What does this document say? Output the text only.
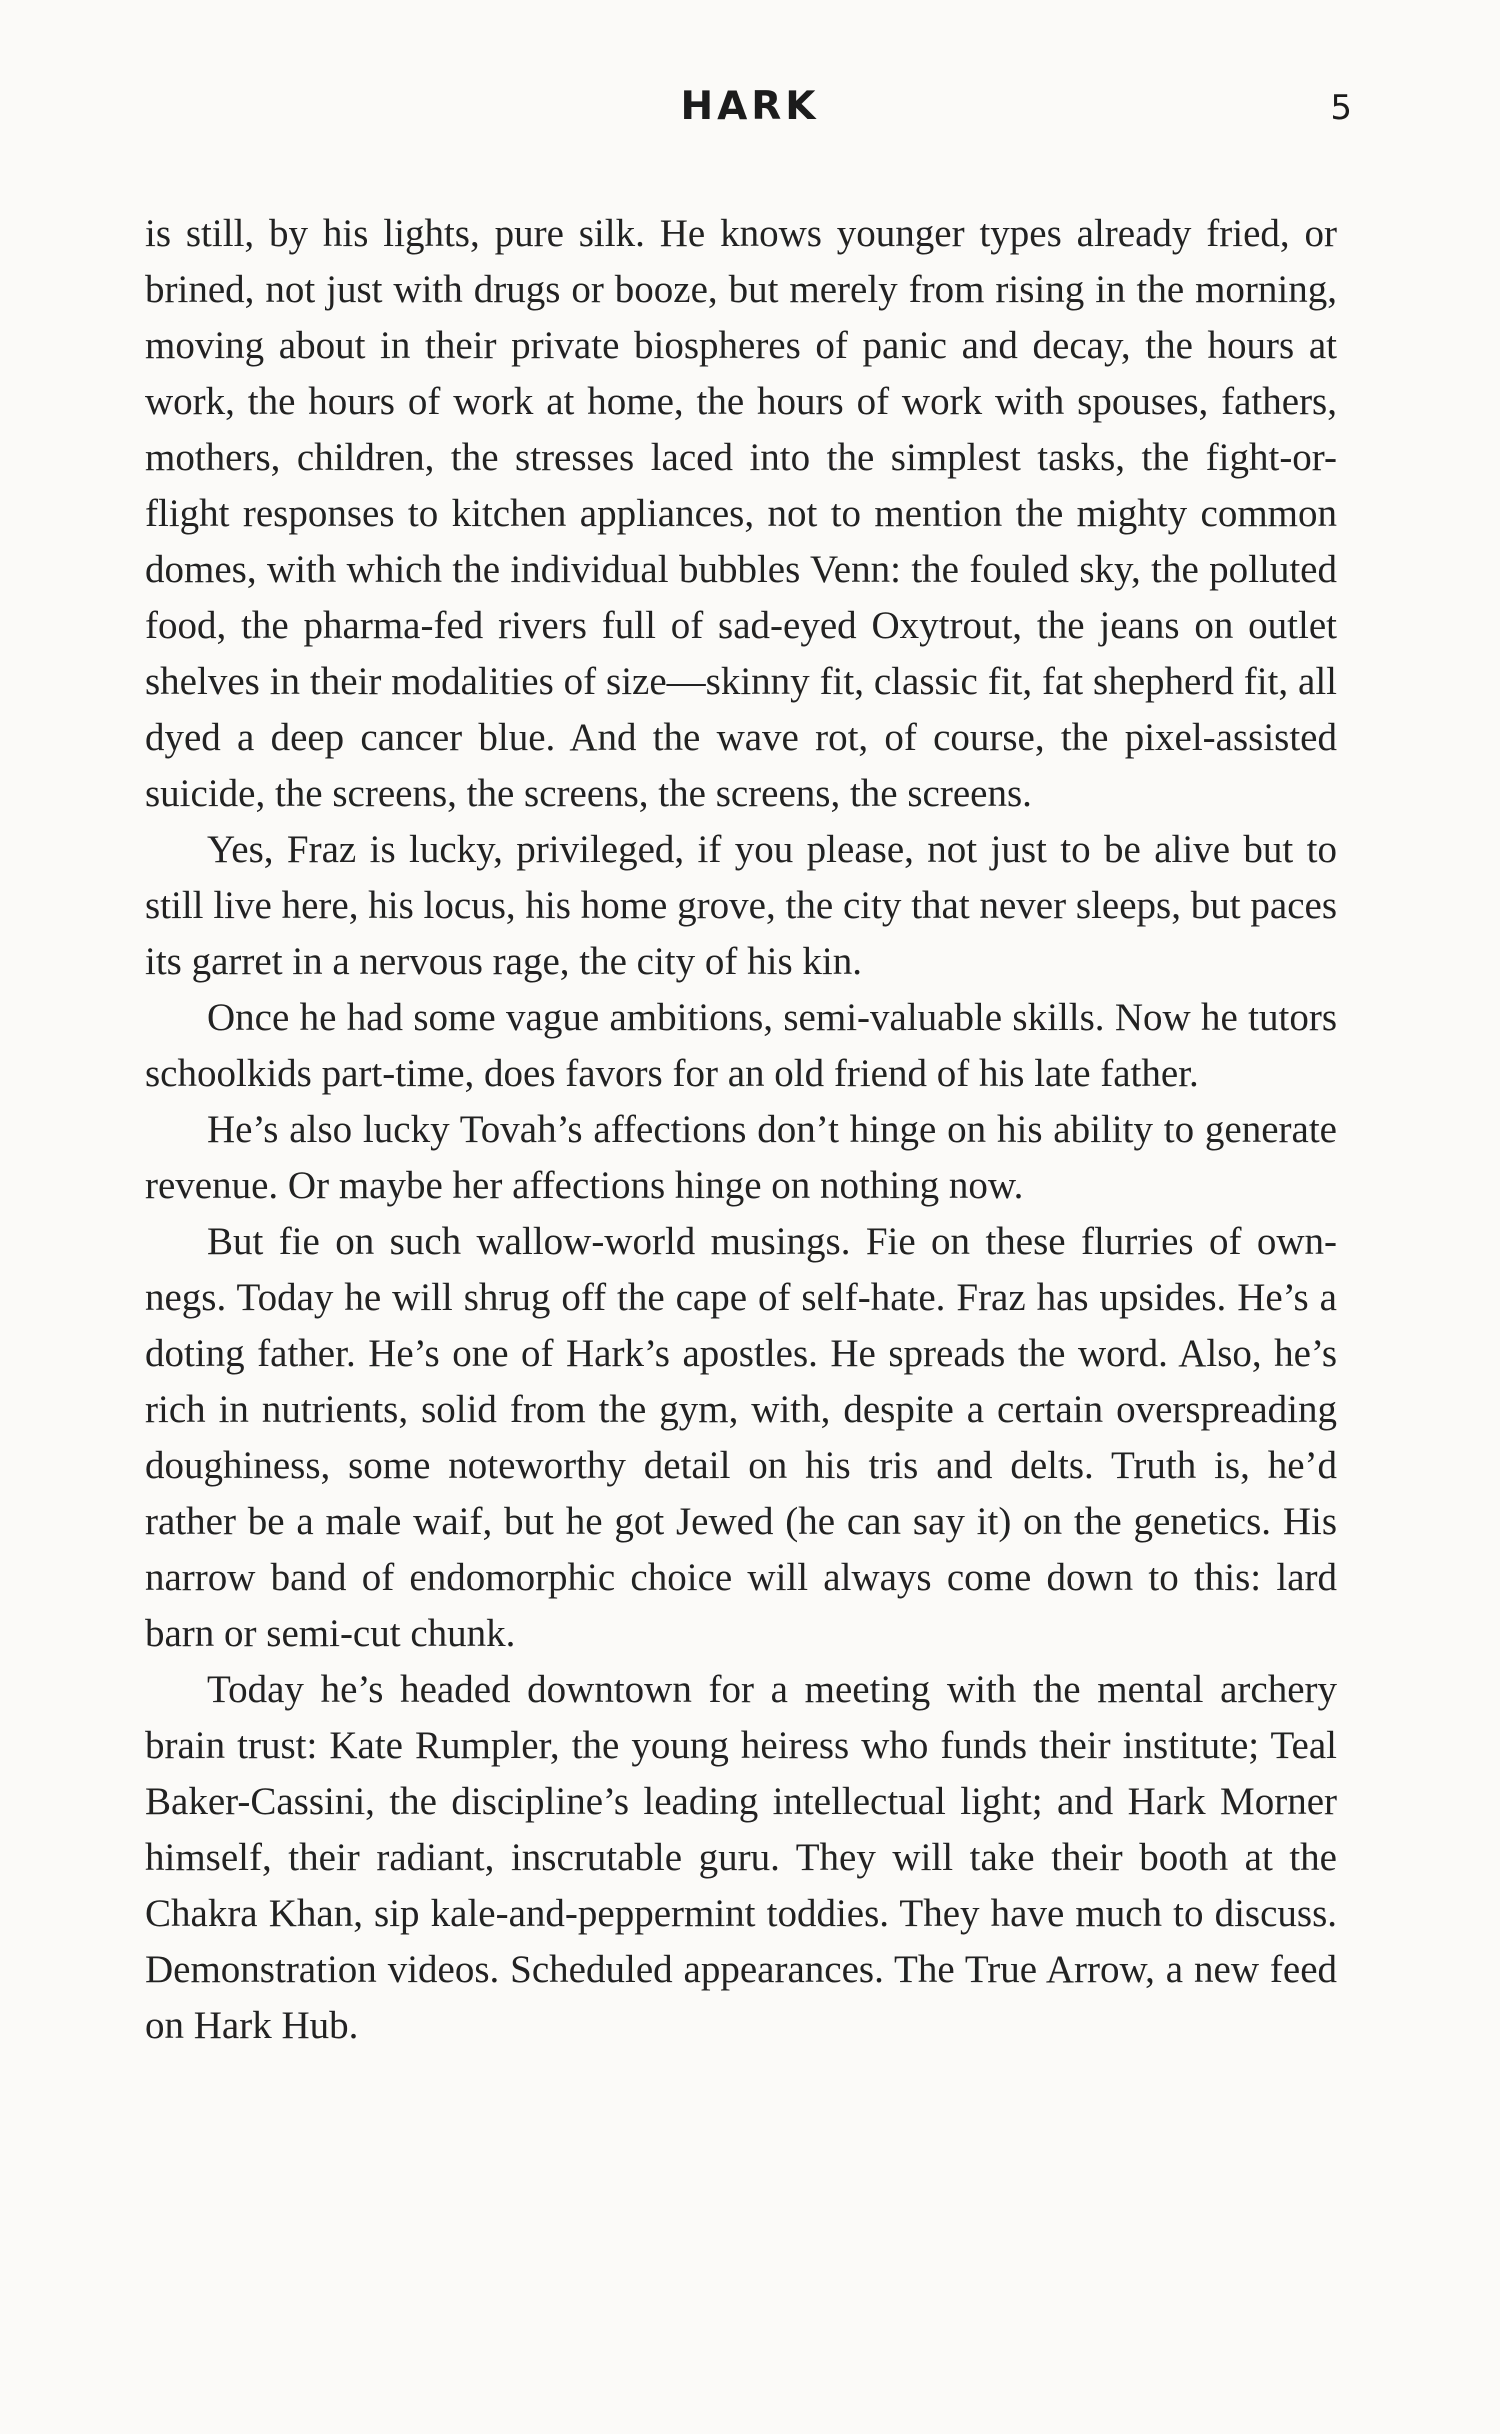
HARK	5

is still, by his lights, pure silk. He knows younger types already fried, or brined, not just with drugs or booze, but merely from rising in the morning, moving about in their private biospheres of panic and decay, the hours at work, the hours of work at home, the hours of work with spouses, fathers, mothers, children, the stresses laced into the simplest tasks, the fight-or-flight responses to kitchen appliances, not to mention the mighty common domes, with which the individual bubbles Venn: the fouled sky, the polluted food, the pharma-fed rivers full of sad-eyed Oxytrout, the jeans on outlet shelves in their modalities of size—skinny fit, classic fit, fat shepherd fit, all dyed a deep cancer blue. And the wave rot, of course, the pixel-assisted suicide, the screens, the screens, the screens, the screens.

Yes, Fraz is lucky, privileged, if you please, not just to be alive but to still live here, his locus, his home grove, the city that never sleeps, but paces its garret in a nervous rage, the city of his kin.

Once he had some vague ambitions, semi-valuable skills. Now he tutors schoolkids part-time, does favors for an old friend of his late father.

He’s also lucky Tovah’s affections don’t hinge on his ability to generate revenue. Or maybe her affections hinge on nothing now.

But fie on such wallow-world musings. Fie on these flurries of own-negs. Today he will shrug off the cape of self-hate. Fraz has upsides. He’s a doting father. He’s one of Hark’s apostles. He spreads the word. Also, he’s rich in nutrients, solid from the gym, with, despite a certain overspreading doughiness, some noteworthy detail on his tris and delts. Truth is, he’d rather be a male waif, but he got Jewed (he can say it) on the genetics. His narrow band of endomorphic choice will always come down to this: lard barn or semi-cut chunk.

Today he’s headed downtown for a meeting with the mental archery brain trust: Kate Rumpler, the young heiress who funds their institute; Teal Baker-Cassini, the discipline’s leading intellectual light; and Hark Morner himself, their radiant, inscrutable guru. They will take their booth at the Chakra Khan, sip kale-and-peppermint toddies. They have much to discuss. Demonstration videos. Scheduled appearances. The True Arrow, a new feed on Hark Hub.
